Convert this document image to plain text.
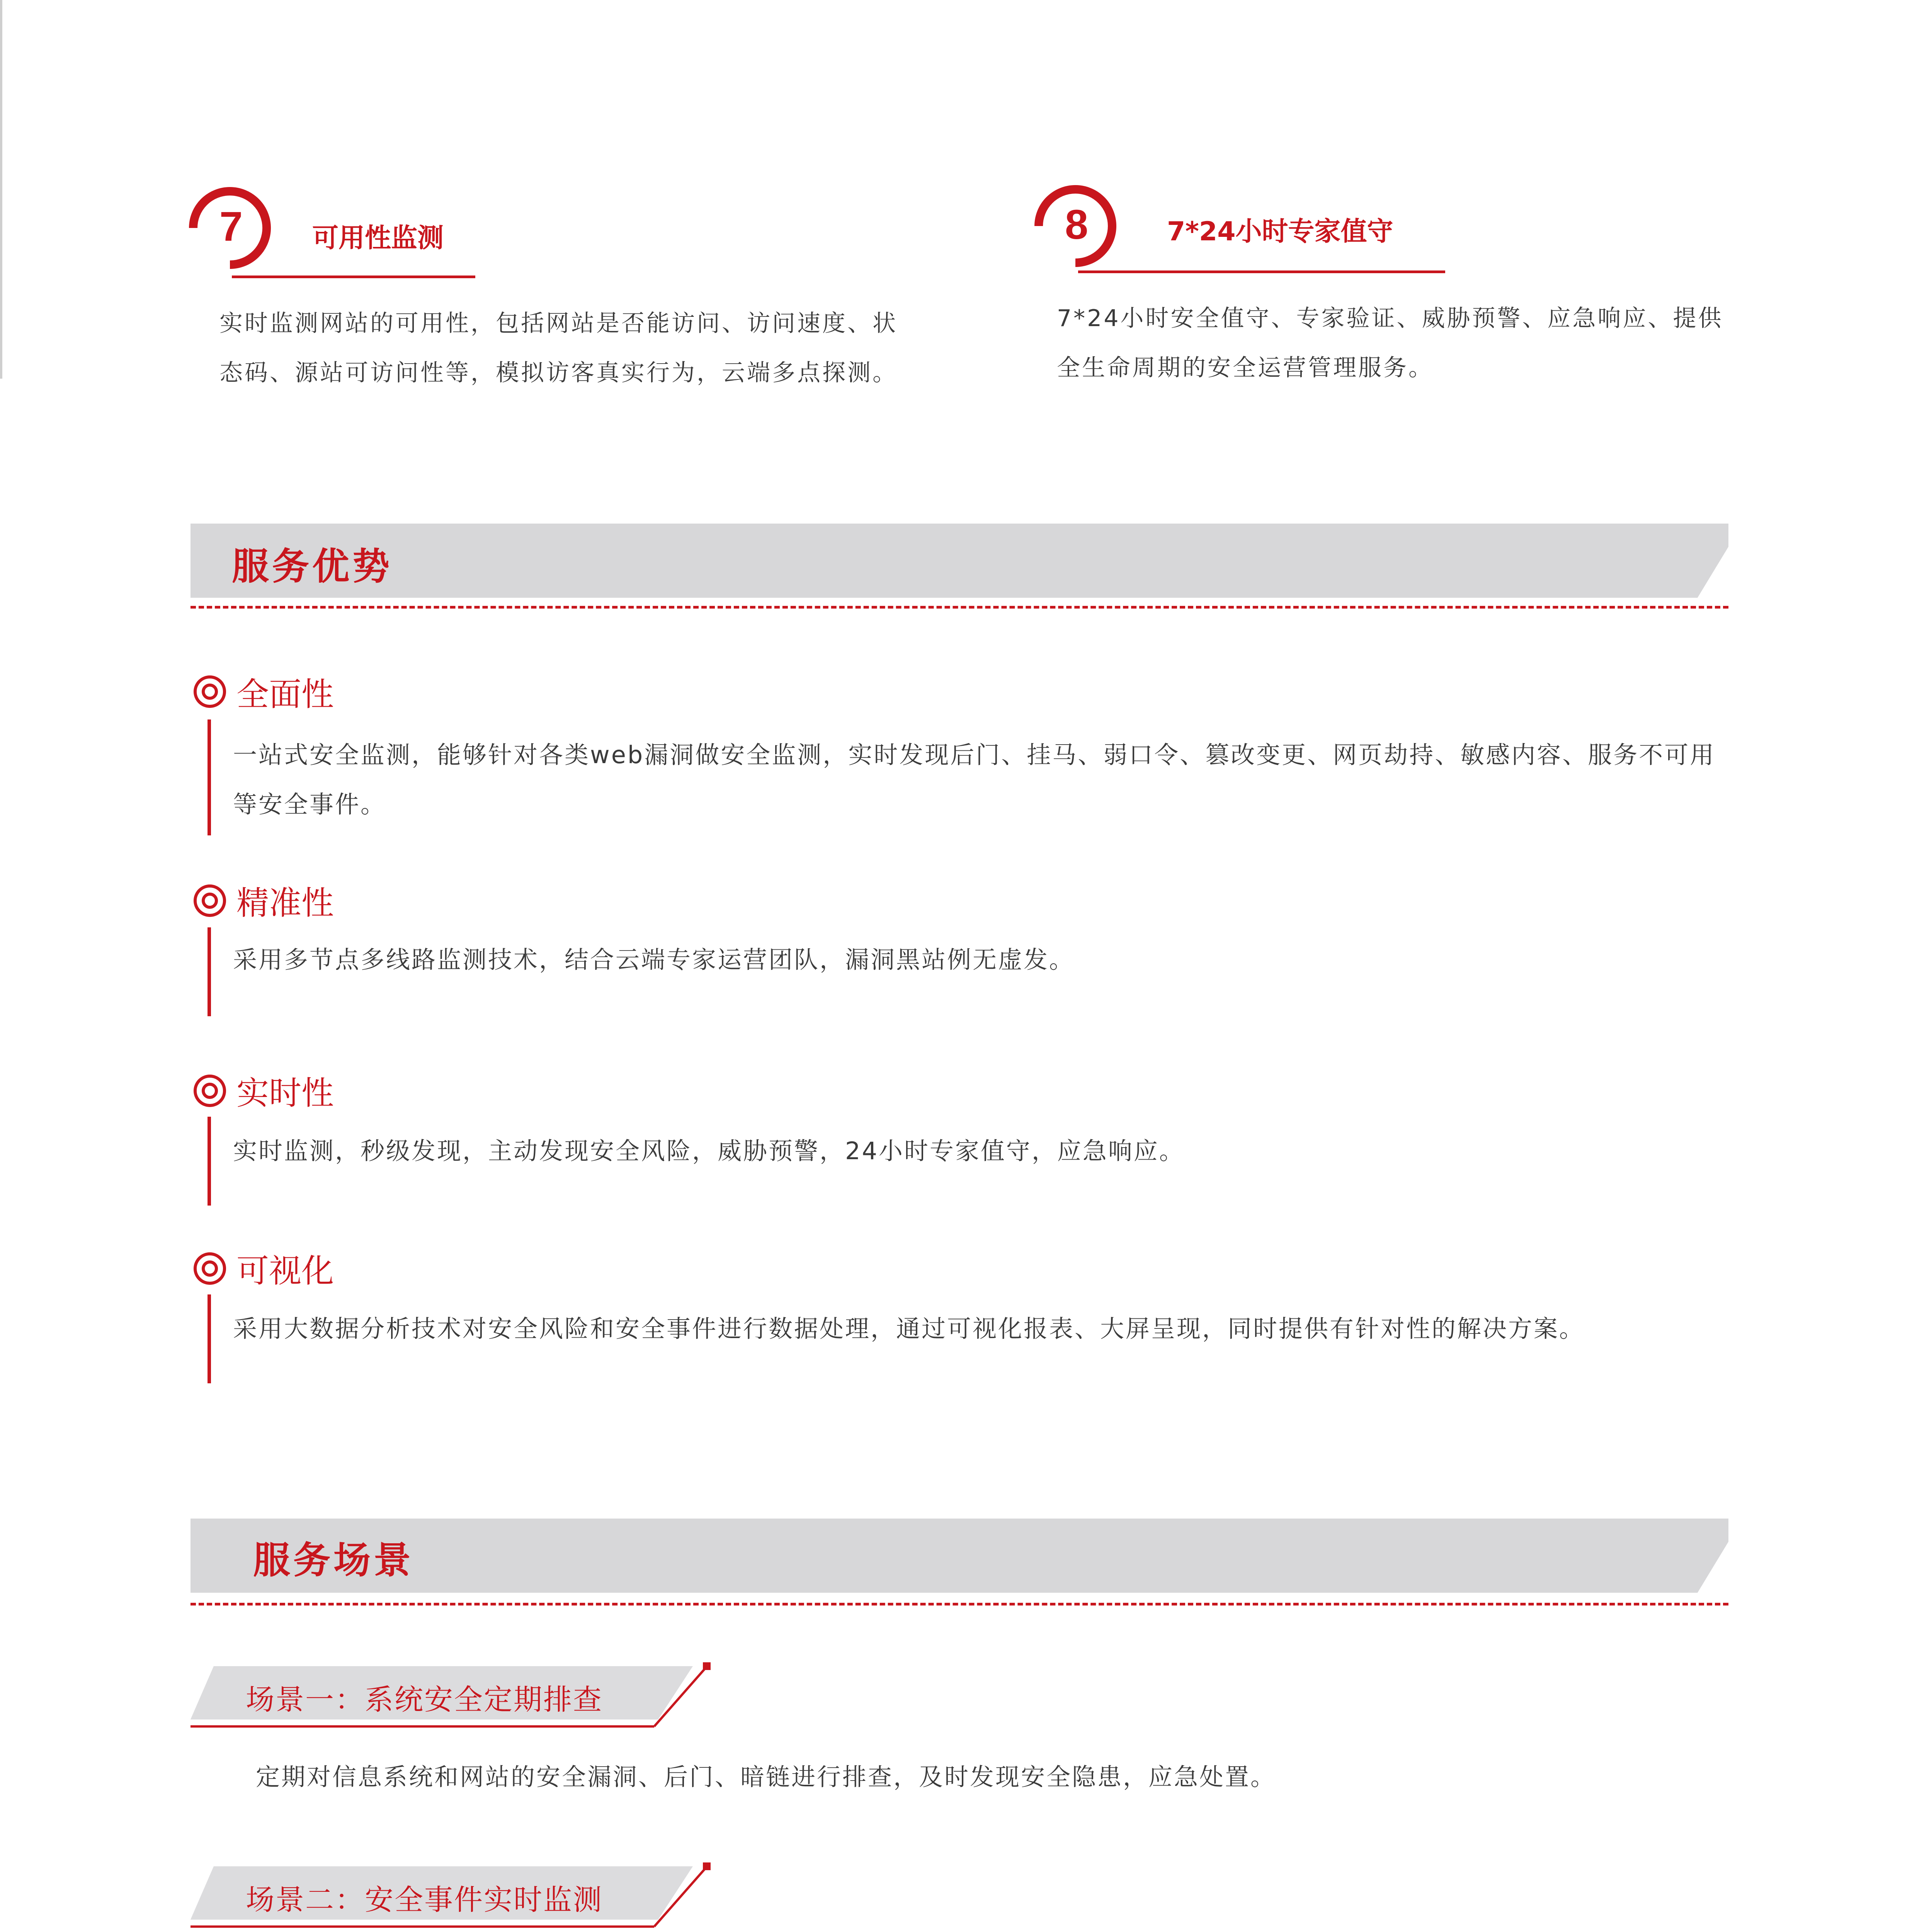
7	可用性监测
实时监测网站的可用性，包括网站是否能访问、访问速度、状态码、源站可访问性等，模拟访客真实行为，云端多点探测。
8	7*24小时专家值守
7*24小时安全值守、专家验证、威胁预警、应急响应、提供全生命周期的安全运营管理服务。
服务优势
全面性
一站式安全监测，能够针对各类web漏洞做安全监测，实时发现后门、挂马、弱口令、篡改变更、网页劫持、敏感内容、服务不可用等安全事件。
精准性
采用多节点多线路监测技术，结合云端专家运营团队，漏洞黑站例无虚发。
实时性
实时监测，秒级发现，主动发现安全风险，威胁预警，24小时专家值守，应急响应。
可视化
采用大数据分析技术对安全风险和安全事件进行数据处理，通过可视化报表、大屏呈现，同时提供有针对性的解决方案。
服务场景
场景一：系统安全定期排查
定期对信息系统和网站的安全漏洞、后门、暗链进行排查，及时发现安全隐患，应急处置。
场景二：安全事件实时监测
